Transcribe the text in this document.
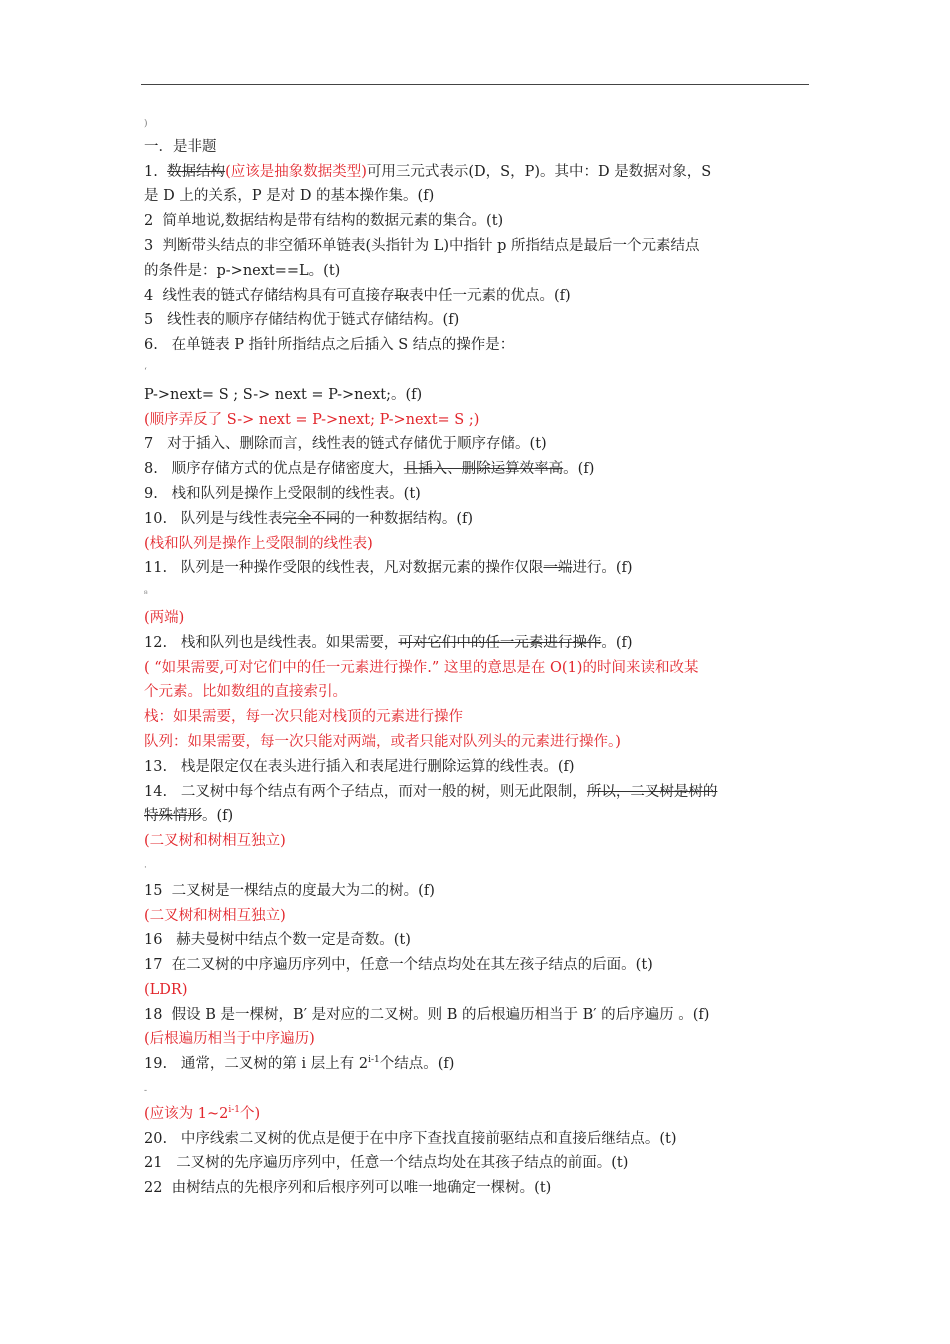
)
一．是非题
1. 数据结构(应该是抽象数据类型)可用三元式表示(D，S，P)。其中：D 是数据对象，S
是 D 上的关系，P 是对 D 的基本操作集。(f)
2 简单地说,数据结构是带有结构的数据元素的集合。(t)
3 判断带头结点的非空循环单链表(头指针为 L)中指针 p 所指结点是最后一个元素结点
的条件是：p->next==L。(t)
4 线性表的链式存储结构具有可直接存取表中任一元素的优点。(f)
5 线性表的顺序存储结构优于链式存储结构。(f)
6. 在单链表 P 指针所指结点之后插入 S 结点的操作是：
‘
P->next= S ; S-> next = P->next;。(f)
(顺序弄反了 S-> next = P->next; P->next= S ;)
7 对于插入、删除而言，线性表的链式存储优于顺序存储。(t)
8. 顺序存储方式的优点是存储密度大，且插入、删除运算效率高。(f)
9. 栈和队列是操作上受限制的线性表。(t)
10. 队列是与线性表完全不同的一种数据结构。(f)
(栈和队列是操作上受限制的线性表)
11. 队列是一种操作受限的线性表，凡对数据元素的操作仅限一端进行。(f)
⁸
(两端)
12. 栈和队列也是线性表。如果需要，可对它们中的任一元素进行操作。(f)
( “如果需要,可对它们中的任一元素进行操作.” 这里的意思是在 O(1)的时间来读和改某
个元素。比如数组的直接索引。
栈：如果需要，每一次只能对栈顶的元素进行操作
队列：如果需要，每一次只能对两端，或者只能对队列头的元素进行操作。)
13. 栈是限定仅在表头进行插入和表尾进行删除运算的线性表。(f)
14. 二叉树中每个结点有两个子结点，而对一般的树，则无此限制，所以，二叉树是树的
特殊情形。(f)
(二叉树和树相互独立)
·
15 二叉树是一棵结点的度最大为二的树。(f)
(二叉树和树相互独立)
16 赫夫曼树中结点个数一定是奇数。(t)
17 在二叉树的中序遍历序列中，任意一个结点均处在其左孩子结点的后面。(t)
(LDR)
18 假设 B 是一棵树，B′ 是对应的二叉树。则 B 的后根遍历相当于 B′ 的后序遍历 。(f)
(后根遍历相当于中序遍历)
19. 通常，二叉树的第 i 层上有 2$^{i-1}$个结点。(f)
-
(应该为 1~2$^{i-1}$个)
20. 中序线索二叉树的优点是便于在中序下查找直接前驱结点和直接后继结点。(t)
21 二叉树的先序遍历序列中，任意一个结点均处在其孩子结点的前面。(t)
22 由树结点的先根序列和后根序列可以唯一地确定一棵树。(t)
